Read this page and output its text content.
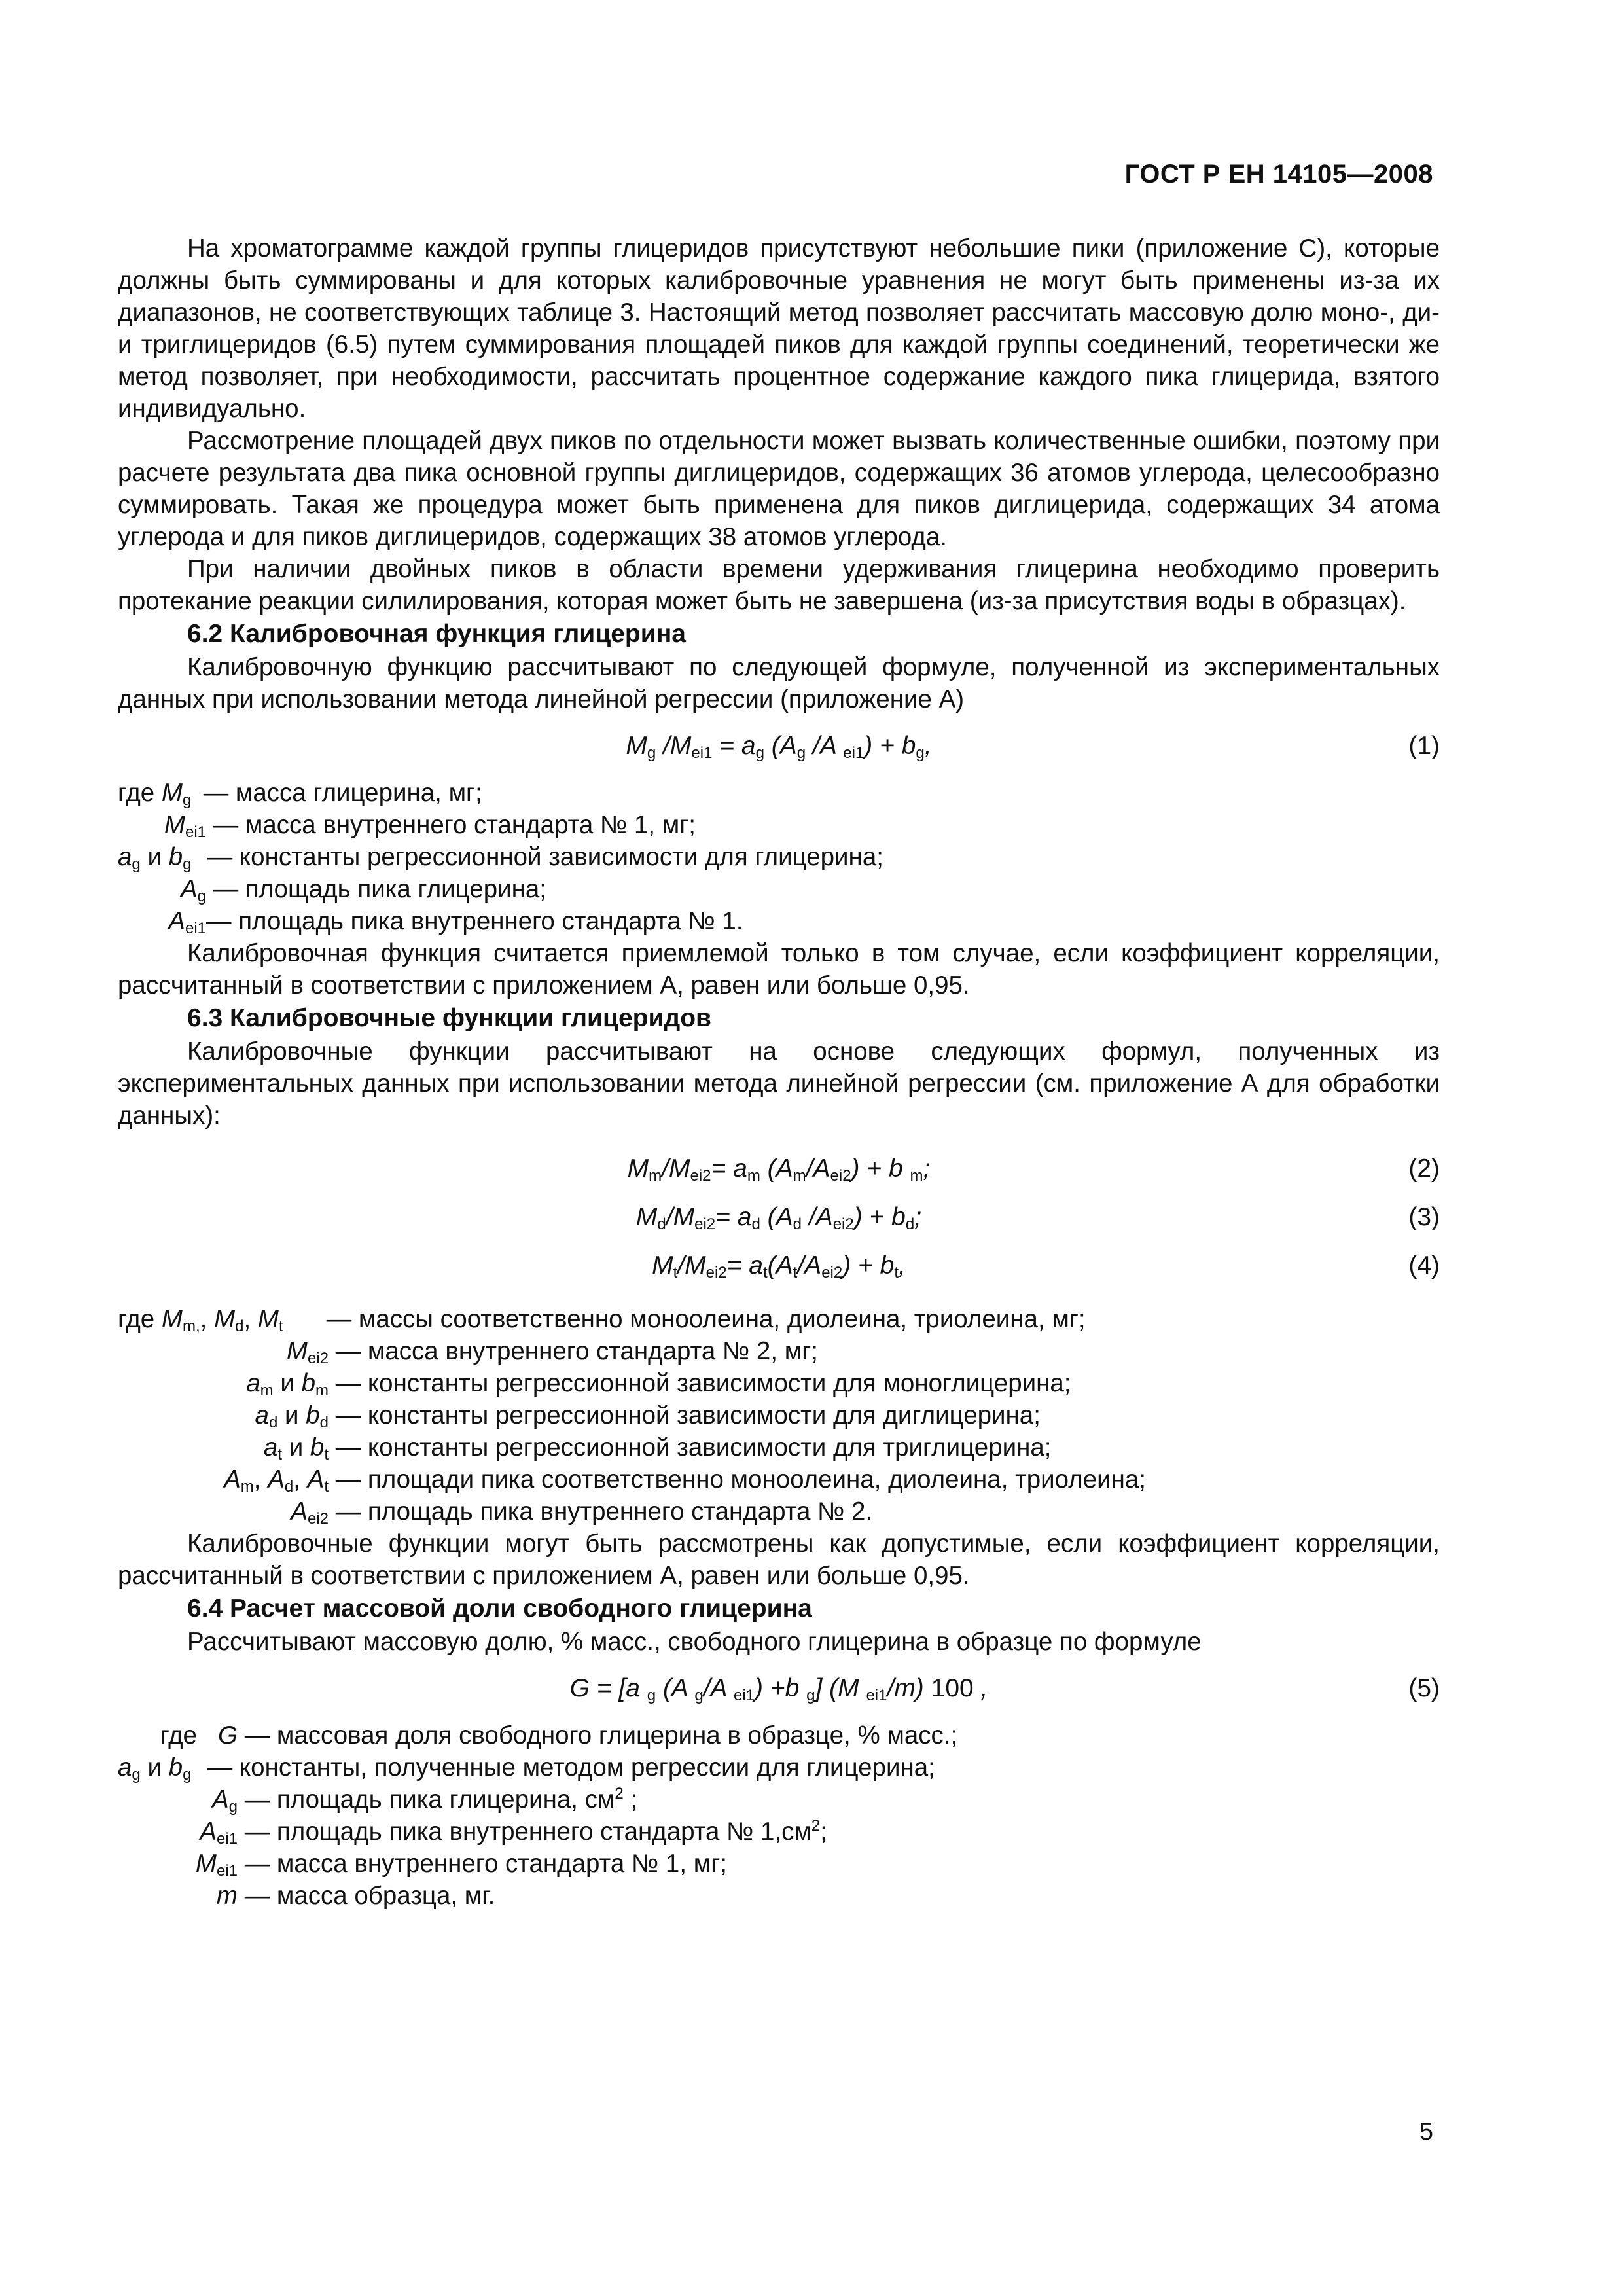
ГОСТ Р ЕН 14105—2008

На хроматограмме каждой группы глицеридов присутствуют небольшие пики (приложение С), которые должны быть суммированы и для которых калибровочные уравнения не могут быть применены из-за их диапазонов, не соответствующих таблице 3. Настоящий метод позволяет рассчитать массовую долю моно-, ди- и триглицеридов (6.5) путем суммирования площадей пиков для каждой группы соединений, теоретически же метод позволяет, при необходимости, рассчитать процентное содержание каждого пика глицерида, взятого индивидуально.

Рассмотрение площадей двух пиков по отдельности может вызвать количественные ошибки, поэтому при расчете результата два пика основной группы диглицеридов, содержащих 36 атомов углерода, целесообразно суммировать. Такая же процедура может быть применена для пиков диглицерида, содержащих 34 атома углерода и для пиков диглицеридов, содержащих 38 атомов углерода.

При наличии двойных пиков в области времени удерживания глицерина необходимо проверить протекание реакции силилирования, которая может быть не завершена (из-за присутствия воды в образцах).

6.2 Калибровочная функция глицерина

Калибровочную функцию рассчитывают по следующей формуле, полученной из экспериментальных данных при использовании метода линейной регрессии (приложение А)

$M_g$ $/M_{ei1} = a_g$ ($A_g$ /A $_{ei1}) + b_g$,	(1)
где $M_g$ — масса глицерина, мг;
$M_{ei1}$ — масса внутреннего стандарта № 1, мг;
$a_g$ и $b_g$ — константы регрессионной зависимости для глицерина;
$A_g$ — площадь пика глицерина;
$A_{ei1}—$ площадь пика внутреннего стандарта № 1.

Калибровочная функция считается приемлемой только в том случае, если коэффициент корреляции, рассчитанный в соответствии с приложением А, равен или больше 0,95.

6.3 Калибровочные функции глицеридов

Калибровочные функции рассчитывают на основе следующих формул, полученных из экспериментальных данных при использовании метода линейной регрессии (см. приложение А для обработки данных):

$M_m/M_{ei2}= a_m$ $(A_m/A_{ei2}) + b$ $_m$;	(2)
$M_d/M_{ei2}= a_d$ ($A_d$ $/A_{ei2}) + b_d$;	(3)
$M_t/M_{ei2}= a_t(A_t/A_{ei2}) + b_t$,	(4)
где $M_{m,}$, $M_d$, $M_t$ — массы соответственно моноолеина, диолеина, триолеина, мг;
$M_{ei2}$ — масса внутреннего стандарта № 2, мг;
$a_m$ и $b_m$ — константы регрессионной зависимости для моноглицерина;
$a_d$ и $b_d$ — константы регрессионной зависимости для диглицерина;
$a_t$ и $b_t$ — константы регрессионной зависимости для триглицерина;
$A_m$, $A_d$, $A_t$ — площади пика соответственно моноолеина, диолеина, триолеина;
$A_{ei2}$ — площадь пика внутреннего стандарта № 2.

Калибровочные функции могут быть рассмотрены как допустимые, если коэффициент корреляции, рассчитанный в соответствии с приложением А, равен или больше 0,95.

6.4 Расчет массовой доли свободного глицерина

Рассчитывают массовую долю, % масс., свободного глицерина в образце по формуле

G = [a $_g$ (A $_g$/A $_{ei1}$) +b $_g$] (M $_{ei1}$/m) 100 ,	(5)
где G — массовая доля свободного глицерина в образце, % масс.;
$a_g$ и $b_g$ — константы, полученные методом регрессии для глицерина;
$A_g$ — площадь пика глицерина, $см^2$ ;
$A_{ei1}$ — площадь пика внутреннего стандарта № $1,см^2$;
$M_{ei1}$ — масса внутреннего стандарта № 1, мг;
m — масса образца, мг.
5
